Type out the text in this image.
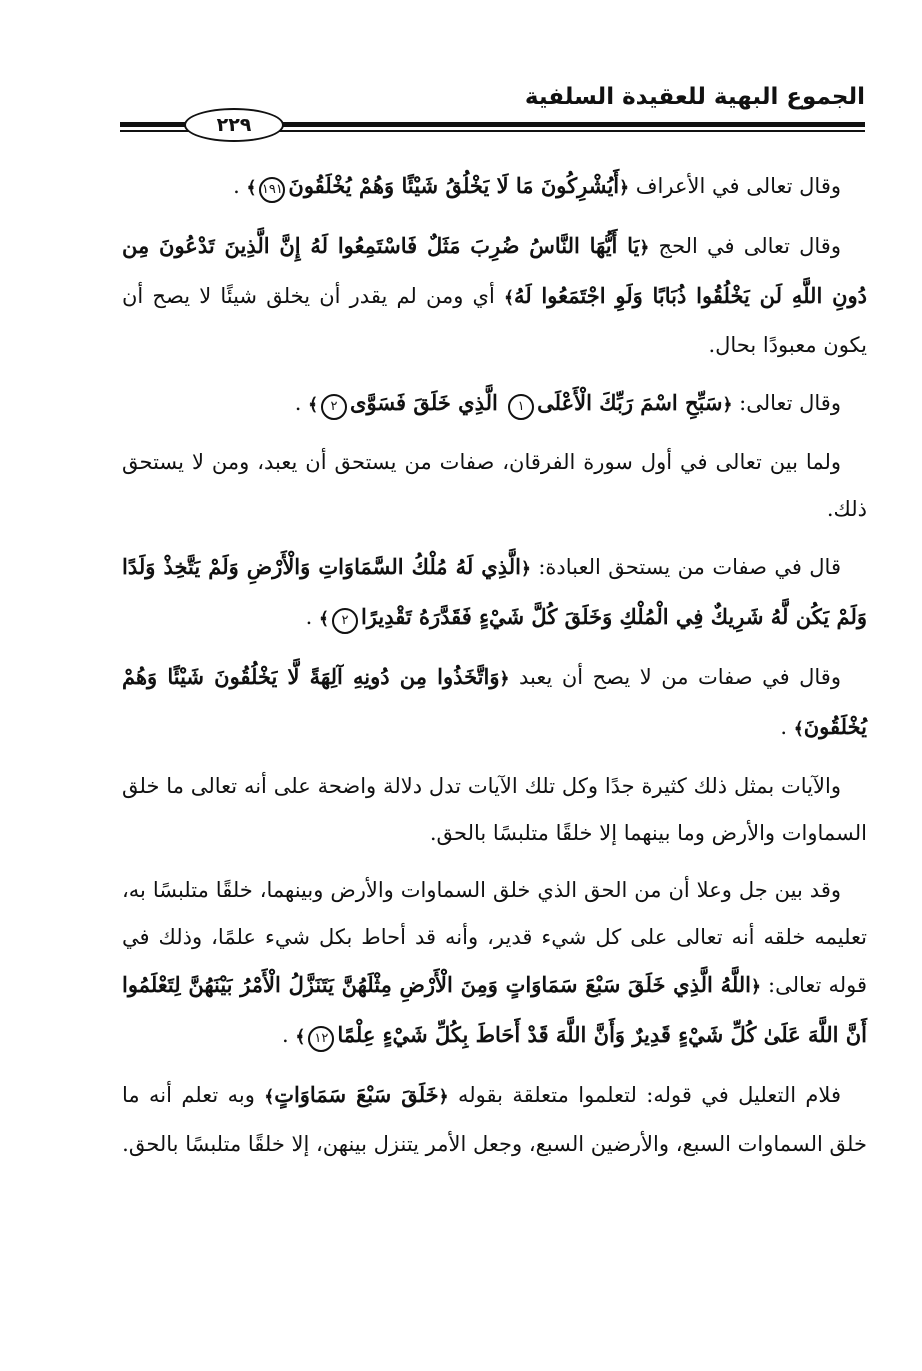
الجموع البهية للعقيدة السلفية
٢٢٩

وقال تعالى في الأعراف ﴿أَيُشْرِكُونَ مَا لَا يَخْلُقُ شَيْئًا وَهُمْ يُخْلَقُونَ١٩١﴾ .

وقال تعالى في الحج ﴿يَا أَيُّهَا النَّاسُ ضُرِبَ مَثَلٌ فَاسْتَمِعُوا لَهُ إِنَّ الَّذِينَ تَدْعُونَ مِن دُونِ اللَّهِ لَن يَخْلُقُوا ذُبَابًا وَلَوِ اجْتَمَعُوا لَهُ﴾ أي ومن لم يقدر أن يخلق شيئًا لا يصح أن يكون معبودًا بحال.

وقال تعالى: ﴿سَبِّحِ اسْمَ رَبِّكَ الْأَعْلَى١ الَّذِي خَلَقَ فَسَوَّى٢﴾ .

ولما بين تعالى في أول سورة الفرقان، صفات من يستحق أن يعبد، ومن لا يستحق ذلك.

قال في صفات من يستحق العبادة: ﴿الَّذِي لَهُ مُلْكُ السَّمَاوَاتِ وَالْأَرْضِ وَلَمْ يَتَّخِذْ وَلَدًا وَلَمْ يَكُن لَّهُ شَرِيكٌ فِي الْمُلْكِ وَخَلَقَ كُلَّ شَيْءٍ فَقَدَّرَهُ تَقْدِيرًا٢﴾ .

وقال في صفات من لا يصح أن يعبد ﴿وَاتَّخَذُوا مِن دُونِهِ آلِهَةً لَّا يَخْلُقُونَ شَيْئًا وَهُمْ يُخْلَقُونَ﴾ .

والآيات بمثل ذلك كثيرة جدًا وكل تلك الآيات تدل دلالة واضحة على أنه تعالى ما خلق السماوات والأرض وما بينهما إلا خلقًا متلبسًا بالحق.

وقد بين جل وعلا أن من الحق الذي خلق السماوات والأرض وبينهما، خلقًا متلبسًا به، تعليمه خلقه أنه تعالى على كل شيء قدير، وأنه قد أحاط بكل شيء علمًا، وذلك في قوله تعالى: ﴿اللَّهُ الَّذِي خَلَقَ سَبْعَ سَمَاوَاتٍ وَمِنَ الْأَرْضِ مِثْلَهُنَّ يَتَنَزَّلُ الْأَمْرُ بَيْنَهُنَّ لِتَعْلَمُوا أَنَّ اللَّهَ عَلَىٰ كُلِّ شَيْءٍ قَدِيرٌ وَأَنَّ اللَّهَ قَدْ أَحَاطَ بِكُلِّ شَيْءٍ عِلْمًا١٢﴾ .

فلام التعليل في قوله: لتعلموا متعلقة بقوله ﴿خَلَقَ سَبْعَ سَمَاوَاتٍ﴾ وبه تعلم أنه ما خلق السماوات السبع، والأرضين السبع، وجعل الأمر يتنزل بينهن، إلا خلقًا متلبسًا بالحق.
